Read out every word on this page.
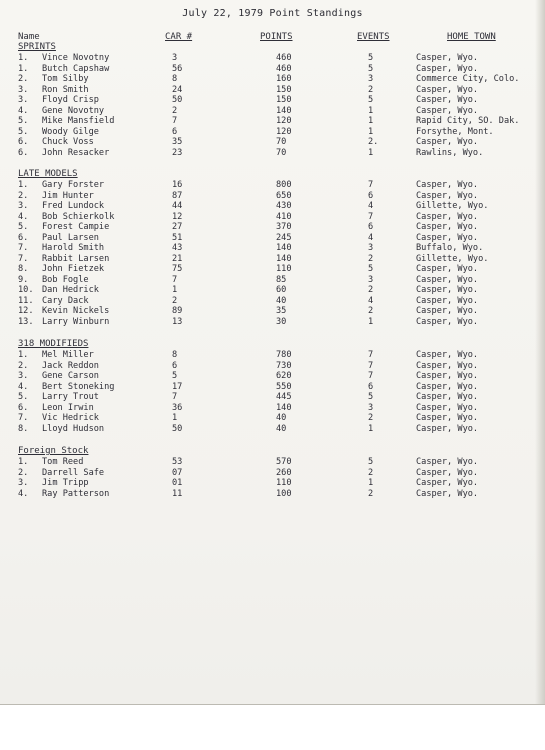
July 22, 1979 Point Standings
Name	CAR #	POINTS	EVENTS	HOME TOWN
SPRINTS
1. Vince Novotny	3	460	5	Casper, Wyo.
1. Butch Capshaw	56	460	5	Casper, Wyo.
2. Tom Silby	8	160	3	Commerce City, Colo.
3. Ron Smith	24	150	2	Casper, Wyo.
3. Floyd Crisp	50	150	5	Casper, Wyo.
4. Gene Novotny	2	140	1	Casper, Wyo.
5. Mike Mansfield	7	120	1	Rapid City, SO. Dak.
5. Woody Gilge	6	120	1	Forsythe, Mont.
6. Chuck Voss	35	70	2.	Casper, Wyo.
6. John Resacker	23	70	1	Rawlins, Wyo.
LATE MODELS
1. Gary Forster	16	800	7	Casper, Wyo.
2. Jim Hunter	87	650	6	Casper, Wyo.
3. Fred Lundock	44	430	4	Gillette, Wyo.
4. Bob Schierkolk	12	410	7	Casper, Wyo.
5. Forest Campie	27	370	6	Casper, Wyo.
6. Paul Larsen	51	245	4	Casper, Wyo.
7. Harold Smith	43	140	3	Buffalo, Wyo.
7. Rabbit Larsen	21	140	2	Gillette, Wyo.
8. John Fietzek	75	110	5	Casper, Wyo.
9. Bob Fogle	7	85	3	Casper, Wyo.
10. Dan Hedrick	1	60	2	Casper, Wyo.
11. Cary Dack	2	40	4	Casper, Wyo.
12. Kevin Nickels	89	35	2	Casper, Wyo.
13. Larry Winburn	13	30	1	Casper, Wyo.
318 MODIFIEDS
1. Mel Miller	8	780	7	Casper, Wyo.
2. Jack Reddon	6	730	7	Casper, Wyo.
3. Gene Carson	5	620	7	Casper, Wyo.
4. Bert Stoneking	17	550	6	Casper, Wyo.
5. Larry Trout	7	445	5	Casper, Wyo.
6. Leon Irwin	36	140	3	Casper, Wyo.
7. Vic Hedrick	1	40	2	Casper, Wyo.
8. Lloyd Hudson	50	40	1	Casper, Wyo.
Foreign Stock
1. Tom Reed	53	570	5	Casper, Wyo.
2. Darrell Safe	07	260	2	Casper, Wyo.
3. Jim Tripp	01	110	1	Casper, Wyo.
4. Ray Patterson	11	100	2	Casper, Wyo.
